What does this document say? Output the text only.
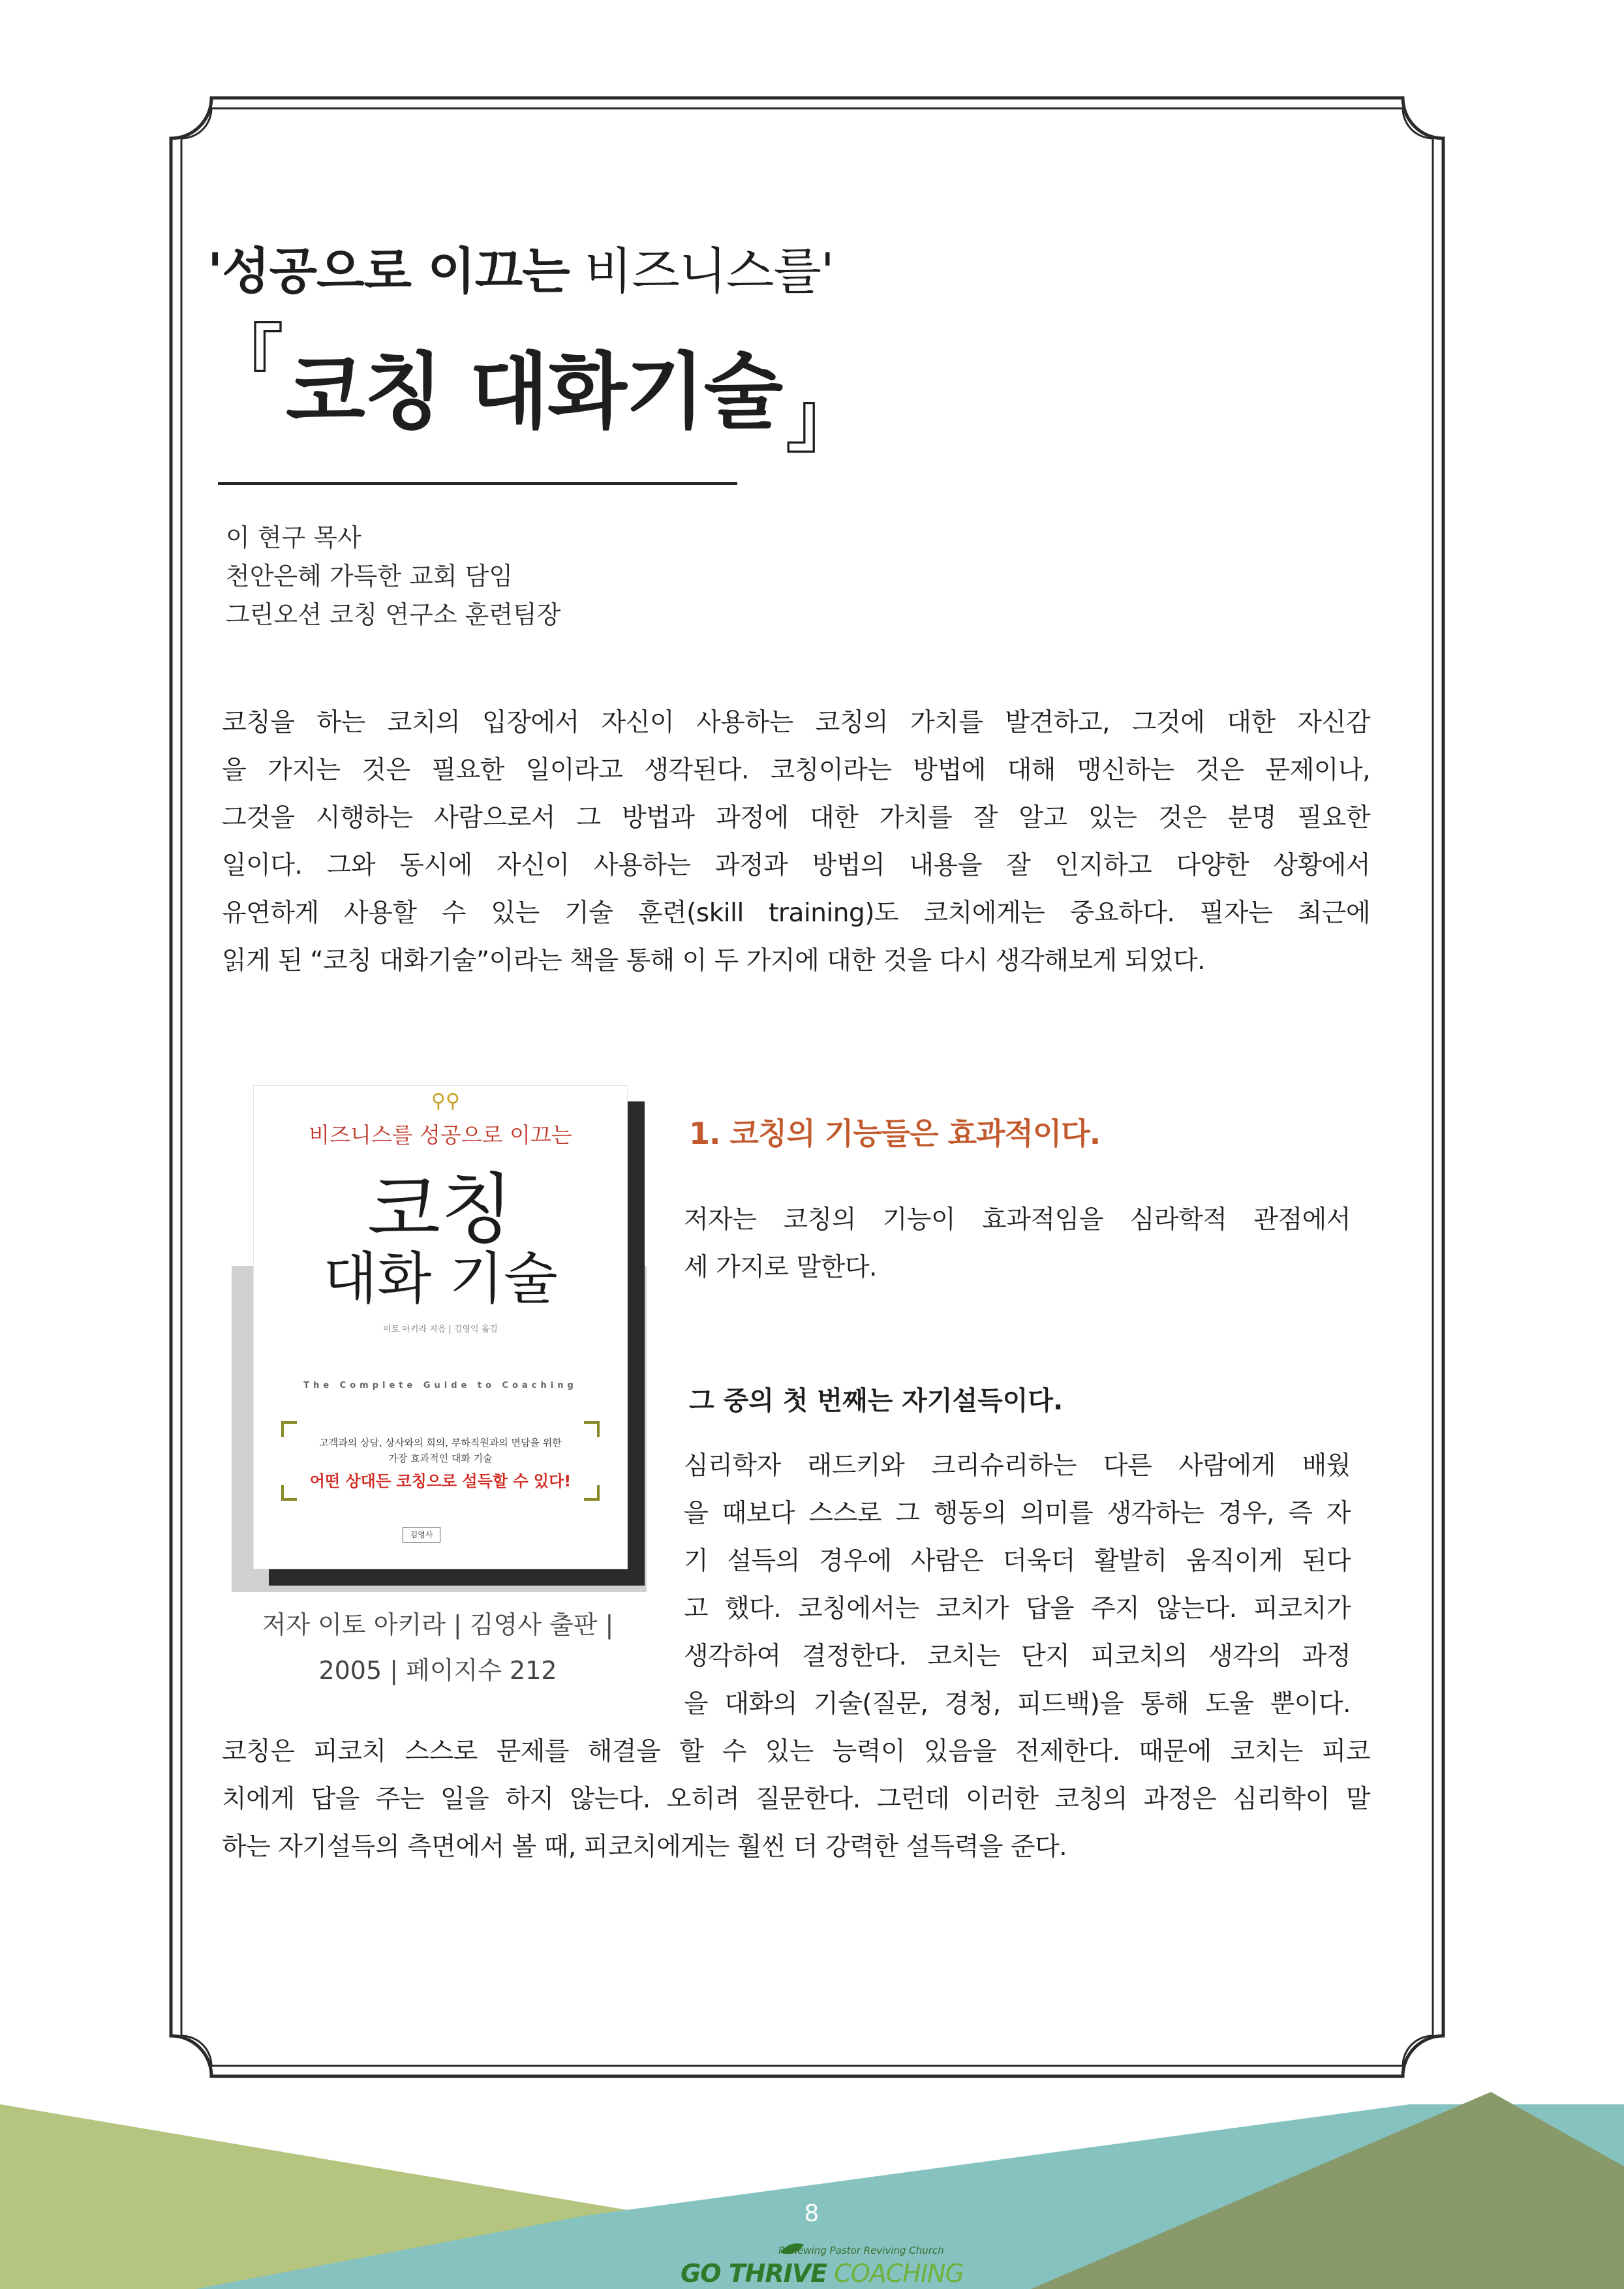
'성공으로 이끄는 비즈니스를'
『코칭 대화기술』
이 현구 목사
천안은혜 가득한 교회 담임
그린오션 코칭 연구소 훈련팀장
코칭을 하는 코치의 입장에서 자신이 사용하는 코칭의 가치를 발견하고, 그것에 대한 자신감
을 가지는 것은 필요한 일이라고 생각된다. 코칭이라는 방법에 대해 맹신하는 것은 문제이나,
그것을 시행하는 사람으로서 그 방법과 과정에 대한 가치를 잘 알고 있는 것은 분명 필요한
일이다. 그와 동시에 자신이 사용하는 과정과 방법의 내용을 잘 인지하고 다양한 상황에서
유연하게 사용할 수 있는 기술 훈련(skill training)도 코치에게는 중요하다. 필자는 최근에
읽게 된 “코칭 대화기술”이라는 책을 통해 이 두 가지에 대한 것을 다시 생각해보게 되었다.
⚲⚲
비즈니스를 성공으로 이끄는
코칭
대화 기술
이토 아키라 지음 | 김영익 옮김
The Complete Guide to Coaching
고객과의 상담, 상사와의 회의, 부하직원과의 면담을 위한
가장 효과적인 대화 기술
어떤 상대든 코칭으로 설득할 수 있다!
김영사
저자 이토 아키라 | 김영사 출판 |
2005 | 페이지수 212
1. 코칭의 기능들은 효과적이다.
저자는 코칭의 기능이 효과적임을 심라학적 관점에서
세 가지로 말한다.
그 중의 첫 번째는 자기설득이다.
심리학자 래드키와 크리슈리하는 다른 사람에게 배웠
을 때보다 스스로 그 행동의 의미를 생각하는 경우, 즉 자
기 설득의 경우에 사람은 더욱더 활발히 움직이게 된다
고 했다. 코칭에서는 코치가 답을 주지 않는다. 피코치가
생각하여 결정한다. 코치는 단지 피코치의 생각의 과정
을 대화의 기술(질문, 경청, 피드백)을 통해 도울 뿐이다.
코칭은 피코치 스스로 문제를 해결을 할 수 있는 능력이 있음을 전제한다. 때문에 코치는 피코
치에게 답을 주는 일을 하지 않는다. 오히려 질문한다. 그런데 이러한 코칭의 과정은 심리학이 말
하는 자기설득의 측면에서 볼 때, 피코치에게는 훨씬 더 강력한 설득력을 준다.
8
Renewing Pastor Reviving Church
GO THRIVE COACHING
